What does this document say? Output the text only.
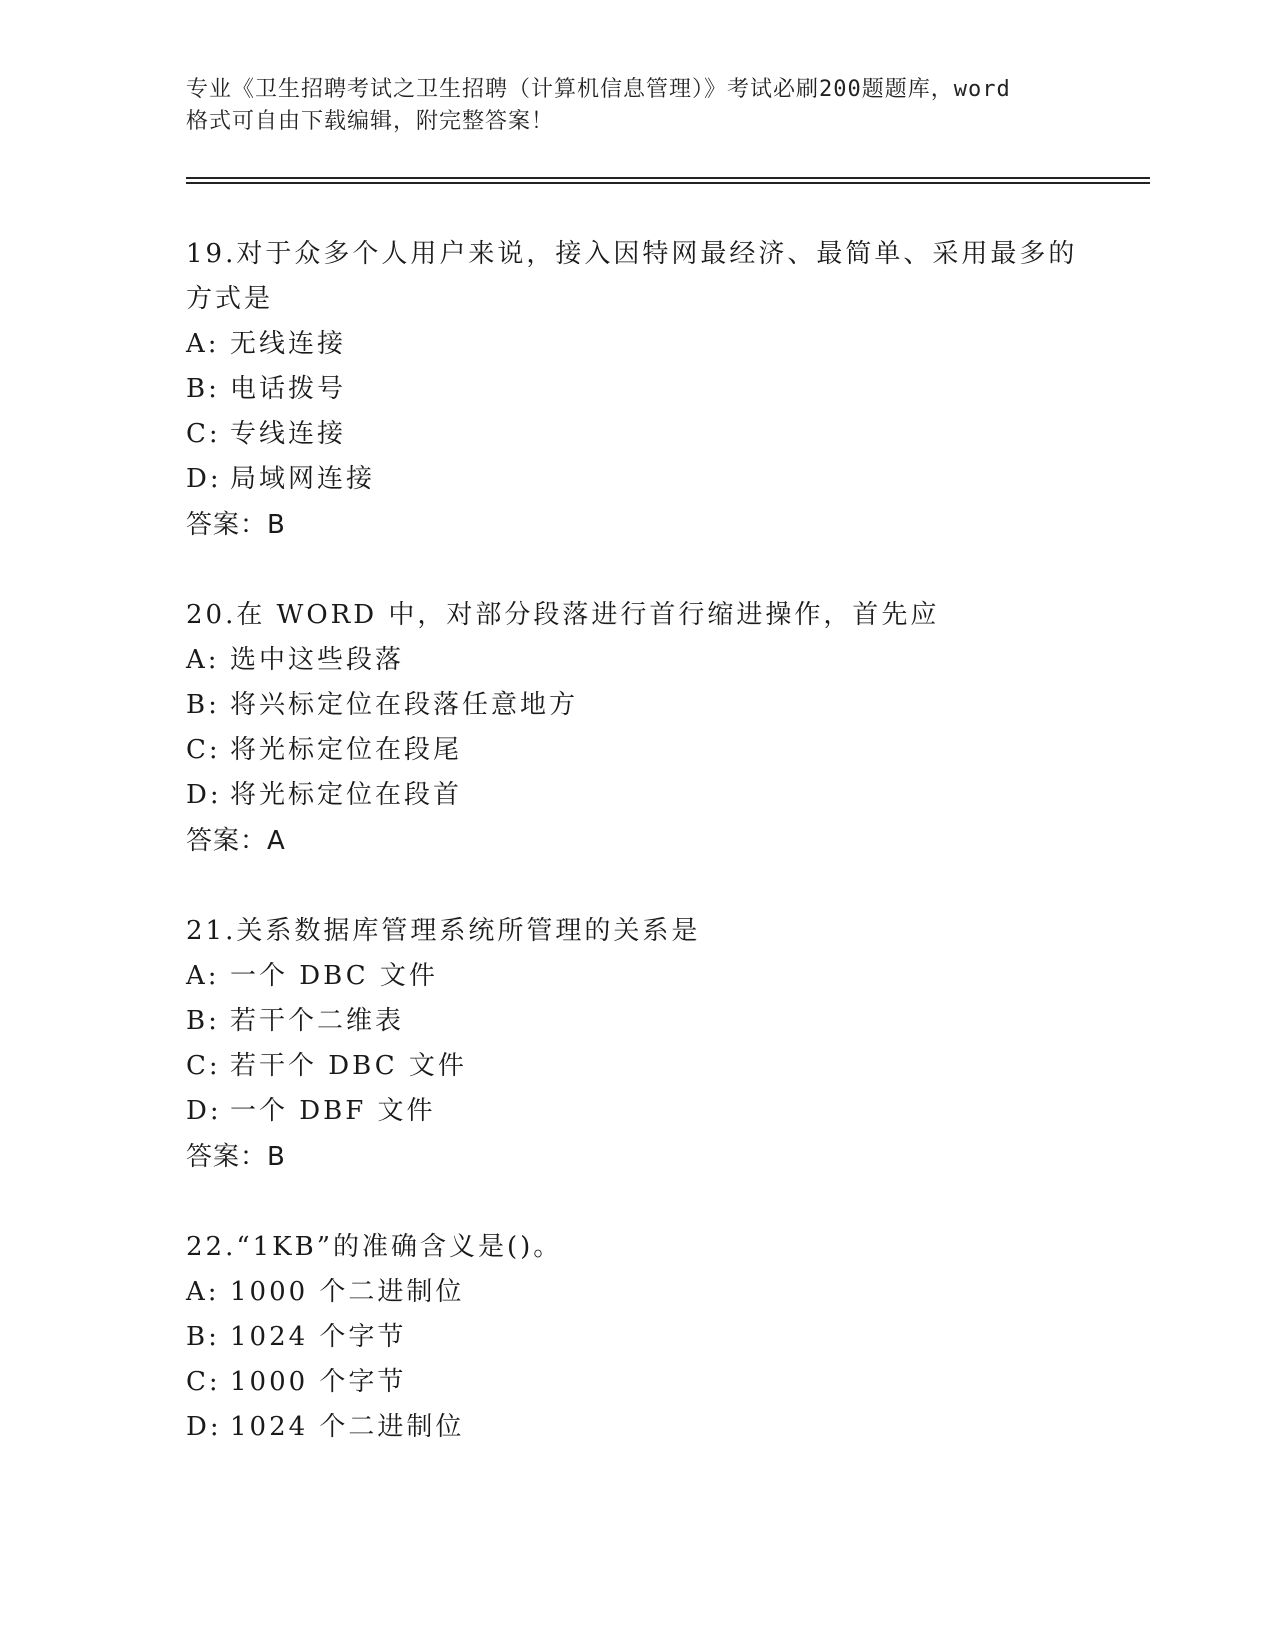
专业《卫生招聘考试之卫生招聘（计算机信息管理）》考试必刷200题题库，word
格式可自由下载编辑，附完整答案！
19.对于众多个人用户来说，接入因特网最经济、最简单、采用最多的
方式是
A: 无线连接
B: 电话拨号
C: 专线连接
D: 局域网连接
答案：B
20.在 WORD 中，对部分段落进行首行缩进操作，首先应
A: 选中这些段落
B: 将兴标定位在段落任意地方
C: 将光标定位在段尾
D: 将光标定位在段首
答案：A
21.关系数据库管理系统所管理的关系是
A: 一个 DBC 文件
B: 若干个二维表
C: 若干个 DBC 文件
D: 一个 DBF 文件
答案：B
22.“1KB”的准确含义是()。
A: 1000 个二进制位
B: 1024 个字节
C: 1000 个字节
D: 1024 个二进制位
